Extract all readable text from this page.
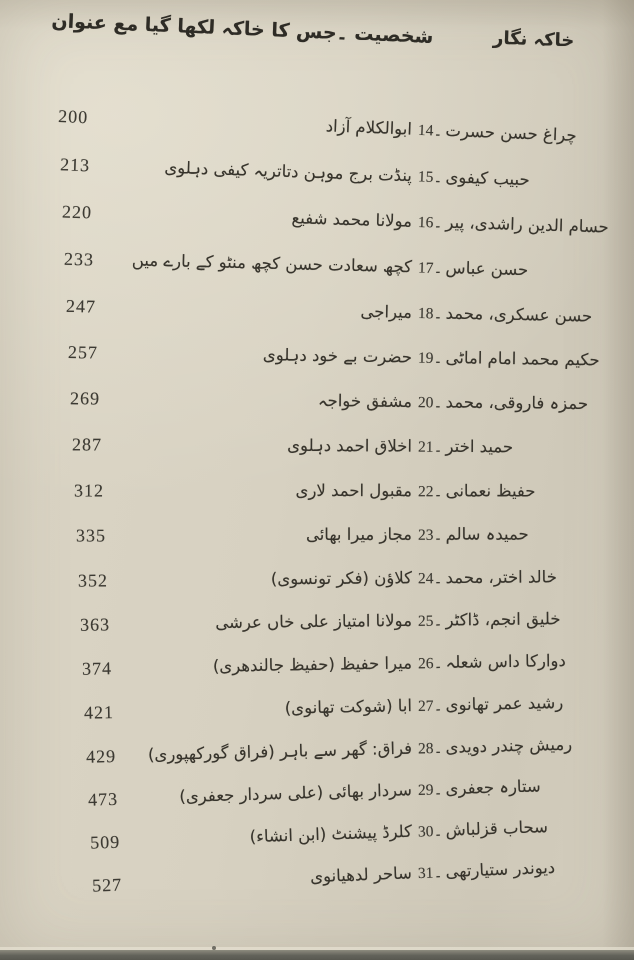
شخصیت ۔جس کا خاکہ لکھا گیا مع عنوان	خاکہ نگار
200	ابوالکلام آزاد 14۔ چراغ حسن حسرت
213	پنڈت برج موہن دتاتریہ کیفی دہلوی 15۔ حبیب کیفوی
220	مولانا محمد شفیع 16۔ حسام الدین راشدی، پیر
233 کچھ سعادت حسن کچھ منٹو کے بارے میں 17۔ حسن عباس
247	میراجی 18۔ حسن عسکری، محمد
257	حضرت بے خود دہلوی 19۔ حکیم محمد امام اماٹی
269	مشفق خواجہ 20۔ حمزہ فاروقی، محمد
287	اخلاق احمد دہلوی 21۔ حمید اختر
312	مقبول احمد لاری 22۔ حفیظ نعمانی
335	مجاز میرا بھائی 23۔ حمیدہ سالم
352	کلاؤن (فکر تونسوی) 24۔ خالد اختر، محمد
363	مولانا امتیاز علی خاں عرشی 25۔ خلیق انجم، ڈاکٹر
374	میرا حفیظ (حفیظ جالندھری) 26۔ دوارکا داس شعلہ
421	ابا (شوکت تھانوی) 27۔ رشید عمر تھانوی
429 فراق: گھر سے باہر (فراق گورکھپوری) 28۔ رمیش چندر دویدی
473	سردار بھائی (علی سردار جعفری) 29۔ ستارہ جعفری
509	کلرڈ پیشنٹ (ابن انشاء) 30۔ سحاب قزلباش
527	ساحر لدھیانوی 31۔ دیوندر ستیارتھی
